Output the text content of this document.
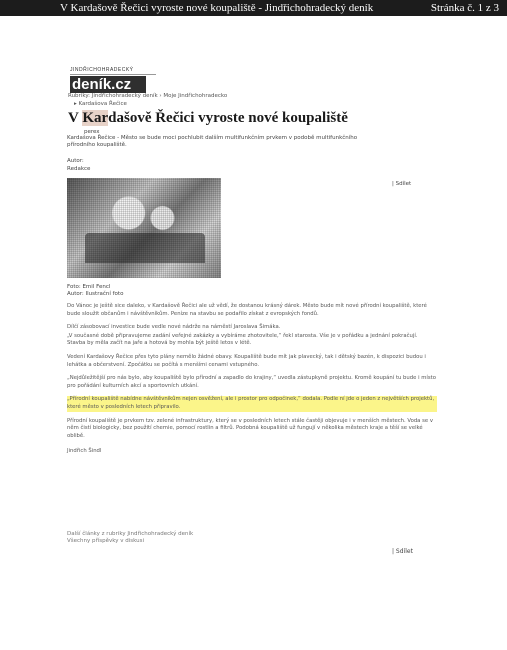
V Kardašově Řečici vyroste nové koupaliště - Jindřichohradecký deník	Stránka č. 1 z 3
JINDŘICHOHRADECKÝ
deník.cz
Rubriky: Jindřichohradecký deník › Moje Jindřichohradecko
▸ Kardašova Řečice
V Kardašově Řečici vyroste nové koupaliště
perex
Kardašova Řečice - Město se bude moci pochlubit dalším multifunkčním prvkem v podobě multifunkčního přírodního koupaliště.
Autor:
Redakce
| Sdílet
Foto: Emil Fencl
Autor: Ilustrační foto

Do Vánoc je ještě sice daleko, v Kardašově Řečici ale už vědí, že dostanou krásný dárek. Město bude mít nové přírodní koupaliště, které bude sloužit občanům i návštěvníkům. Peníze na stavbu se podařilo získat z evropských fondů.

Dílčí zásobovací investice bude vedle nové nádrže na náměstí Jaroslava Šimáka.

„V současné době připravujeme zadání veřejné zakázky a vybíráme zhotovitele,“ řekl starosta. Vše je v pořádku a jednání pokračují. Stavba by měla začít na jaře a hotová by mohla být ještě letos v létě.

Vedení Kardašovy Řečice přes tyto plány nemělo žádné obavy. Koupaliště bude mít jak plavecký, tak i dětský bazén, k dispozici budou i lehátka a občerstvení. Zpočátku se počítá s menšími cenami vstupného.

„Nejdůležitější pro nás bylo, aby koupaliště bylo přírodní a zapadlo do krajiny,“ uvedla zástupkyně projektu. Kromě koupání tu bude i místo pro pořádání kulturních akcí a sportovních utkání.

„Přírodní koupaliště nabídne návštěvníkům nejen osvěžení, ale i prostor pro odpočinek,“ dodala. Podle ní jde o jeden z největších projektů, které město v posledních letech připravilo.

Přírodní koupaliště je prvkem tzv. zelené infrastruktury, který se v posledních letech stále častěji objevuje i v menších městech. Voda se v něm čistí biologicky, bez použití chemie, pomocí rostlin a filtrů. Podobná koupaliště už fungují v několika městech kraje a těší se velké oblibě.

Jindřich Šindl

Další články z rubriky Jindřichohradecký deník
Všechny příspěvky v diskusi
| Sdílet
